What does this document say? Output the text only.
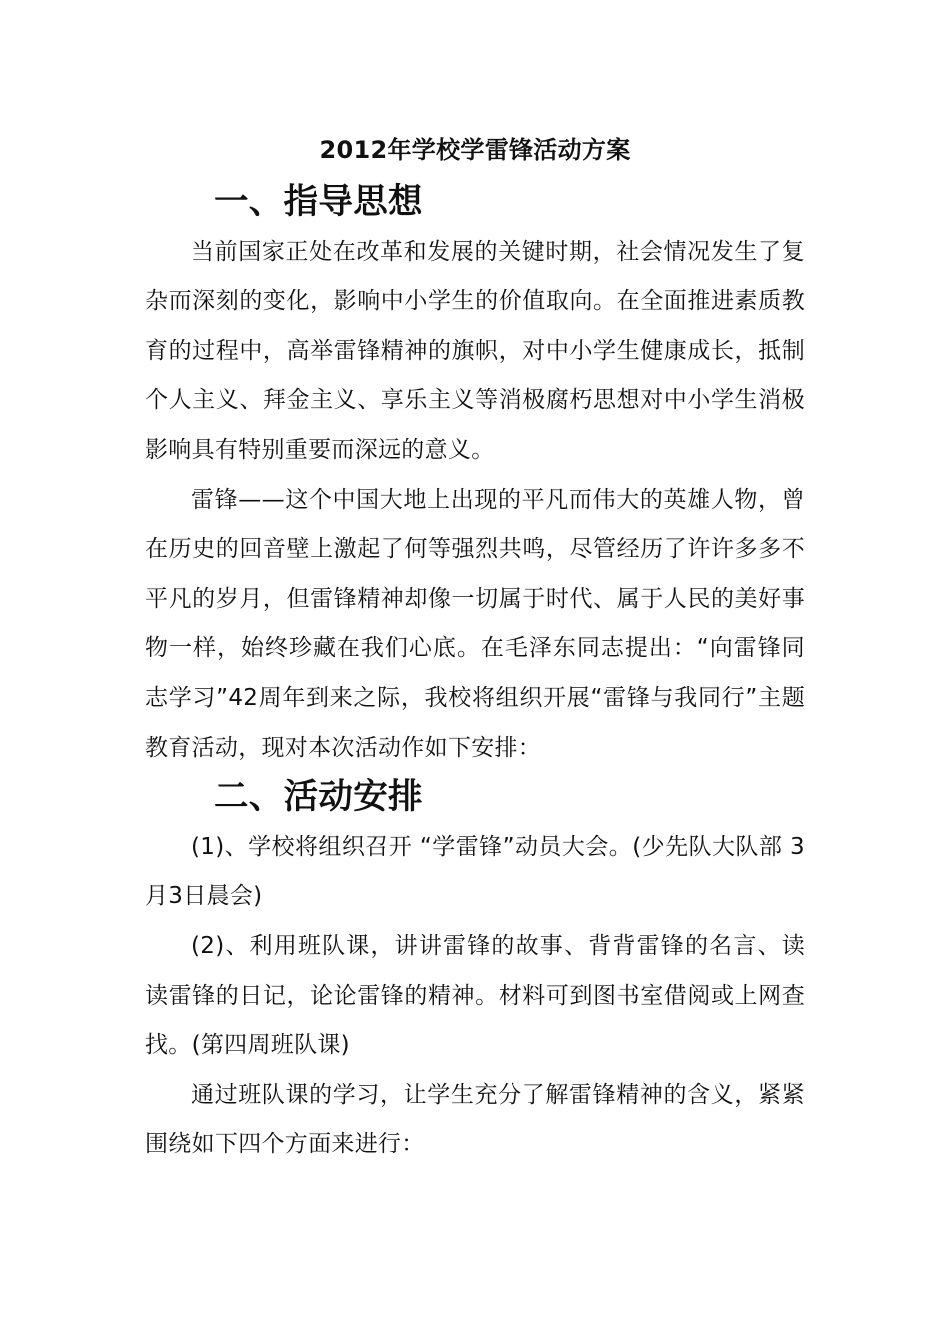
2012年学校学雷锋活动方案
一、指导思想

当前国家正处在改革和发展的关键时期，社会情况发生了复杂而深刻的变化，影响中小学生的价值取向。在全面推进素质教育的过程中，高举雷锋精神的旗帜，对中小学生健康成长，抵制个人主义、拜金主义、享乐主义等消极腐朽思想对中小学生消极影响具有特别重要而深远的意义。

雷锋——这个中国大地上出现的平凡而伟大的英雄人物，曾在历史的回音壁上激起了何等强烈共鸣，尽管经历了许许多多不平凡的岁月，但雷锋精神却像一切属于时代、属于人民的美好事物一样，始终珍藏在我们心底。在毛泽东同志提出：“向雷锋同志学习”42周年到来之际，我校将组织开展“雷锋与我同行”主题教育活动，现对本次活动作如下安排：

二、活动安排

(1)、学校将组织召开 “学雷锋”动员大会。(少先队大队部 3月3日晨会)

(2)、利用班队课，讲讲雷锋的故事、背背雷锋的名言、读读雷锋的日记，论论雷锋的精神。材料可到图书室借阅或上网查找。(第四周班队课)

通过班队课的学习，让学生充分了解雷锋精神的含义，紧紧围绕如下四个方面来进行：
